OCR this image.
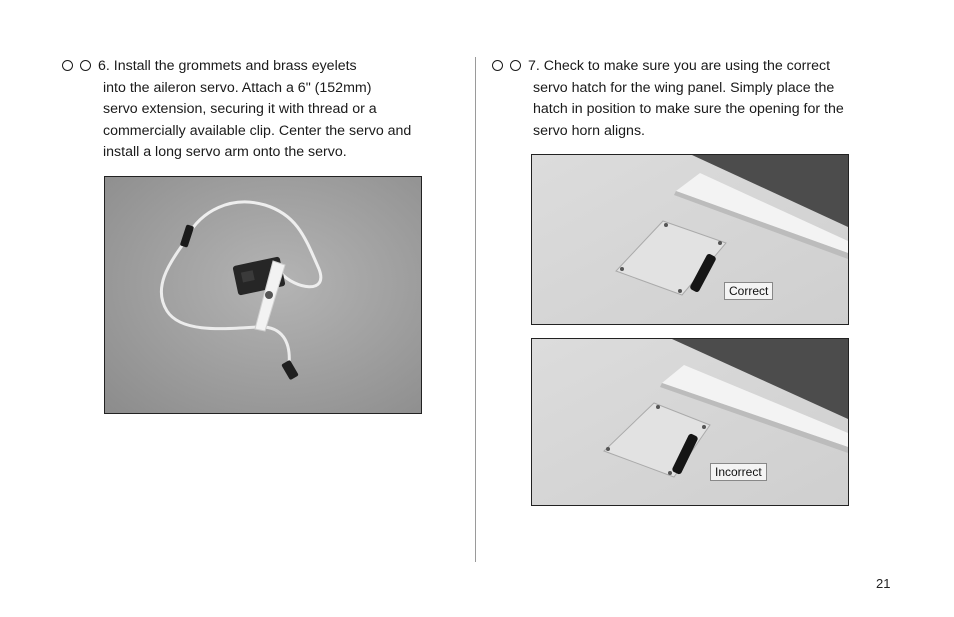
6. Install the grommets and brass eyelets
into the aileron servo. Attach a 6" (152mm)
servo extension, securing it with thread or a
commercially available clip. Center the servo and
install a long servo arm onto the servo.
7. Check to make sure you are using the correct
servo hatch for the wing panel. Simply place the
hatch in position to make sure the opening for the
servo horn aligns.
Correct
Incorrect
21
